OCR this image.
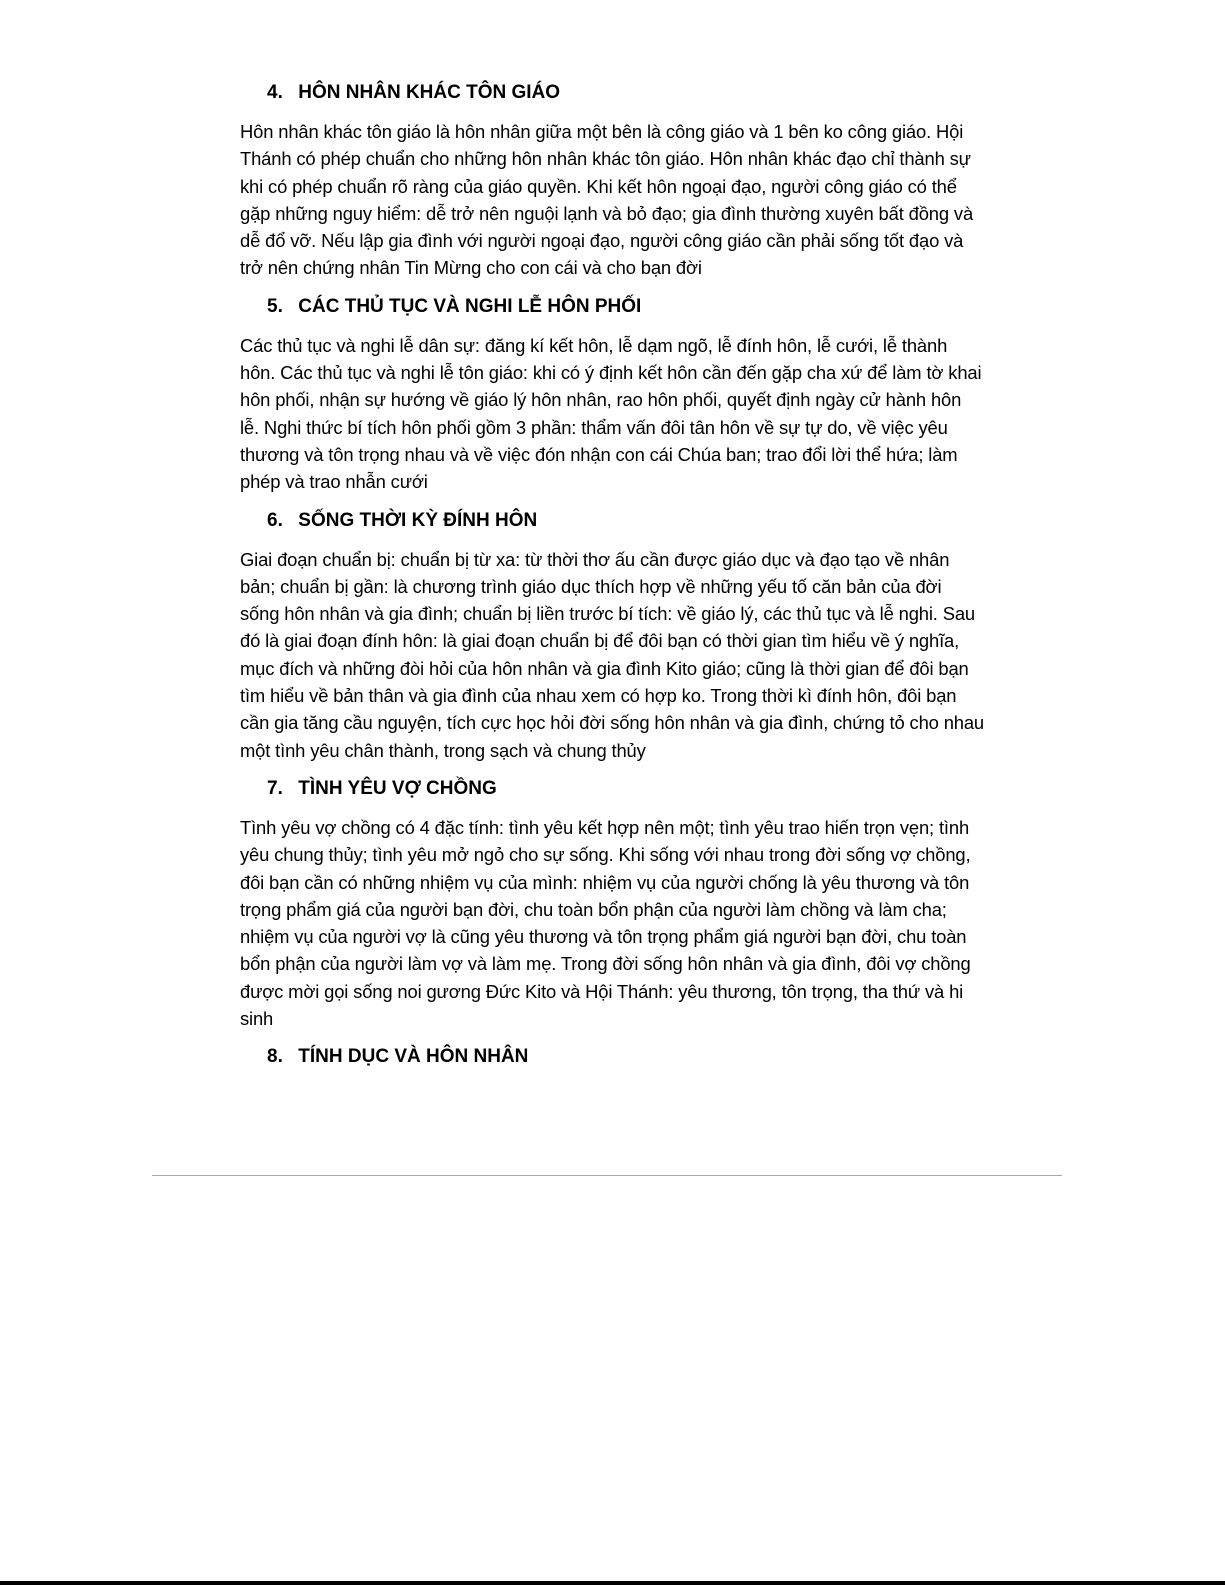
4. HÔN NHÂN KHÁC TÔN GIÁO

Hôn nhân khác tôn giáo là hôn nhân giữa một bên là công giáo và 1 bên ko công giáo. Hội Thánh có phép chuẩn cho những hôn nhân khác tôn giáo. Hôn nhân khác đạo chỉ thành sự khi có phép chuẩn rõ ràng của giáo quyền. Khi kết hôn ngoại đạo, người công giáo có thể gặp những nguy hiểm: dễ trở nên nguội lạnh và bỏ đạo; gia đình thường xuyên bất đồng và dễ đổ vỡ. Nếu lập gia đình với người ngoại đạo, người công giáo cần phải sống tốt đạo và trở nên chứng nhân Tin Mừng cho con cái và cho bạn đời

5. CÁC THỦ TỤC VÀ NGHI LỄ HÔN PHỐI

Các thủ tục và nghi lễ dân sự: đăng kí kết hôn, lễ dạm ngõ, lễ đính hôn, lễ cưới, lễ thành hôn. Các thủ tục và nghi lễ tôn giáo: khi có ý định kết hôn cần đến gặp cha xứ để làm tờ khai hôn phối, nhận sự hướng về giáo lý hôn nhân, rao hôn phối, quyết định ngày cử hành hôn lễ. Nghi thức bí tích hôn phối gồm 3 phần: thẩm vấn đôi tân hôn về sự tự do, về việc yêu thương và tôn trọng nhau và về việc đón nhận con cái Chúa ban; trao đổi lời thể hứa; làm phép và trao nhẫn cưới

6. SỐNG THỜI KỲ ĐÍNH HÔN

Giai đoạn chuẩn bị: chuẩn bị từ xa: từ thời thơ ấu cần được giáo dục và đạo tạo về nhân bản; chuẩn bị gần: là chương trình giáo dục thích hợp về những yếu tố căn bản của đời sống hôn nhân và gia đình; chuẩn bị liền trước bí tích: về giáo lý, các thủ tục và lễ nghi. Sau đó là giai đoạn đính hôn: là giai đoạn chuẩn bị để đôi bạn có thời gian tìm hiểu về ý nghĩa, mục đích và những đòi hỏi của hôn nhân và gia đình Kito giáo; cũng là thời gian để đôi bạn tìm hiểu về bản thân và gia đình của nhau xem có hợp ko. Trong thời kì đính hôn, đôi bạn cần gia tăng cầu nguyện, tích cực học hỏi đời sống hôn nhân và gia đình, chứng tỏ cho nhau một tình yêu chân thành, trong sạch và chung thủy

7. TÌNH YÊU VỢ CHỒNG

Tình yêu vợ chồng có 4 đặc tính: tình yêu kết hợp nên một; tình yêu trao hiến trọn vẹn; tình yêu chung thủy; tình yêu mở ngỏ cho sự sống. Khi sống với nhau trong đời sống vợ chồng, đôi bạn cần có những nhiệm vụ của mình: nhiệm vụ của người chống là yêu thương và tôn trọng phẩm giá của người bạn đời, chu toàn bổn phận của người làm chồng và làm cha; nhiệm vụ của người vợ là cũng yêu thương và tôn trọng phẩm giá người bạn đời, chu toàn bổn phận của người làm vợ và làm mẹ. Trong đời sống hôn nhân và gia đình, đôi vợ chồng được mời gọi sống noi gương Đức Kito và Hội Thánh: yêu thương, tôn trọng, tha thứ và hi sinh

8. TÍNH DỤC VÀ HÔN NHÂN
